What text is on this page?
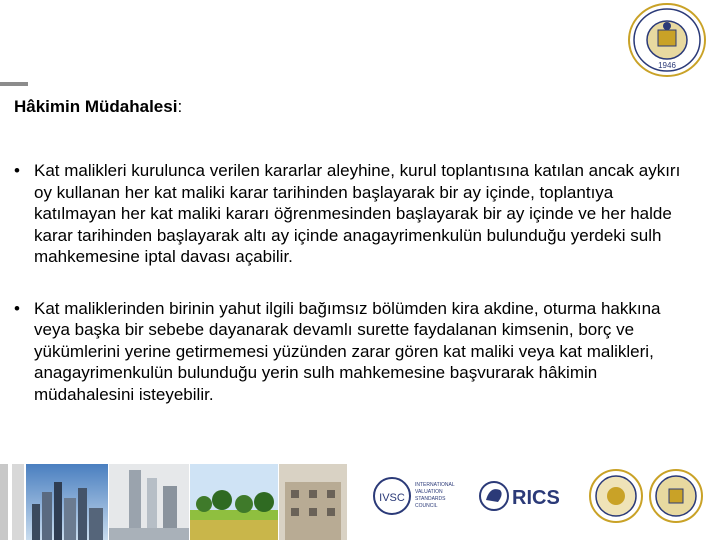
1946
Hâkimin Müdahalesi:
• Kat malikleri kurulunca verilen kararlar aleyhine, kurul toplantısına katılan ancak aykırı oy kullanan her kat maliki karar tarihinden başlayarak bir ay içinde, toplantıya katılmayan her kat maliki kararı öğrenmesinden başlayarak bir ay içinde ve her halde karar tarihinden başlayarak altı ay içinde anagayrimenkulün bulunduğu yerdeki sulh mahkemesine iptal davası açabilir.
• Kat maliklerinden birinin yahut ilgili bağımsız bölümden kira akdine, oturma hakkına veya başka bir sebebe dayanarak devamlı surette faydalanan kimsenin, borç ve yükümlerini yerine getirmemesi yüzünden zarar gören kat maliki veya kat malikleri, anagayrimenkulün bulunduğu yerin sulh mahkemesine başvurarak hâkimin müdahalesini isteyebilir.
IVSC
INTERNATIONAL
VALUATION
STANDARDS
COUNCIL	RICS
